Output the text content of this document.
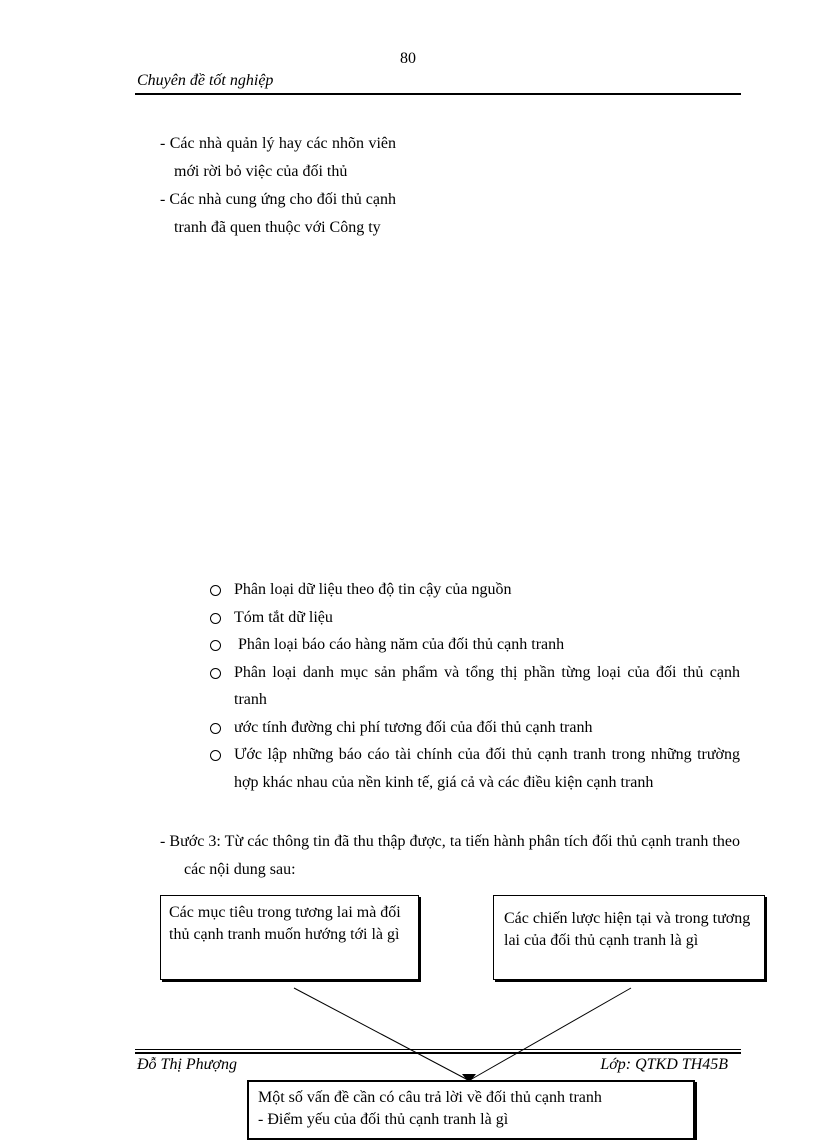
80
Chuyên đề tốt nghiệp

- Các nhà quản lý hay các nhõn viên mới rời bỏ việc của đối thủ

- Các nhà cung ứng cho đối thủ cạnh tranh đã quen thuộc với Công ty

Phân loại dữ liệu theo độ tin cậy của nguồn
Tóm tắt dữ liệu
Phân loại báo cáo hàng năm của đối thủ cạnh tranh
Phân loại danh mục sản phẩm và tổng thị phần từng loại của đối thủ cạnh tranh
ước tính đường chi phí tương đối của đối thủ cạnh tranh
Ước lập những báo cáo tài chính của đối thủ cạnh tranh trong những trường hợp khác nhau của nền kinh tế, giá cả và các điều kiện cạnh tranh

- Bước 3: Từ các thông tin đã thu thập được, ta tiến hành phân tích đối thủ cạnh tranh theo các nội dung sau:

Các mục tiêu trong tương lai mà đối thủ cạnh tranh muốn hướng tới là gì
Các chiến lược hiện tại và trong tương lai của đối thủ cạnh tranh là gì
Đỗ Thị Phượng	Lớp: QTKD TH45B
Một số vấn đề cần có câu trả lời về đối thủ cạnh tranh
- Điểm yếu của đối thủ cạnh tranh là gì
